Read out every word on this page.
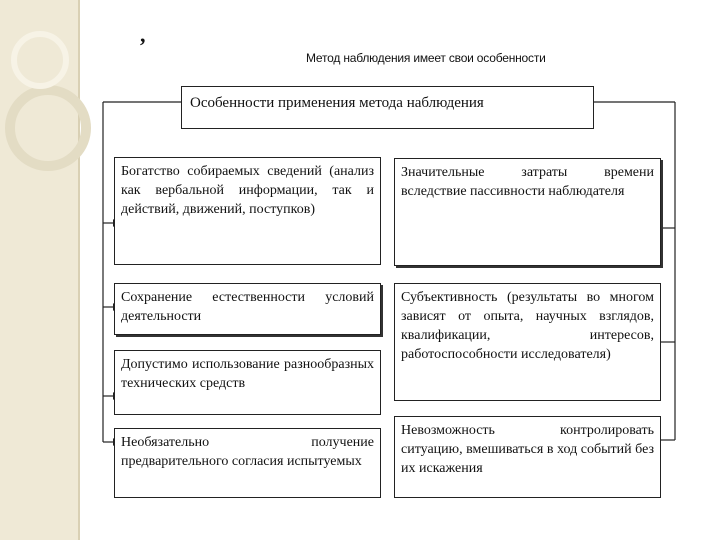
,
Метод наблюдения имеет свои особенности
Особенности применения метода наблюдения
Богатство собираемых сведений (анализ как вербальной информации, так и действий, движений, поступков)
Сохранение естественности условий деятельности
Допустимо использование разнообразных технических средств
Необязательно получение предварительного согласия испытуемых
Значительные затраты времени вследствие пассивности наблюдателя
Субъективность (результаты во многом зависят от опыта, научных взглядов, квалификации, интересов, работоспособности исследователя)
Невозможность контролировать ситуацию, вмешиваться в ход событий без их искажения
